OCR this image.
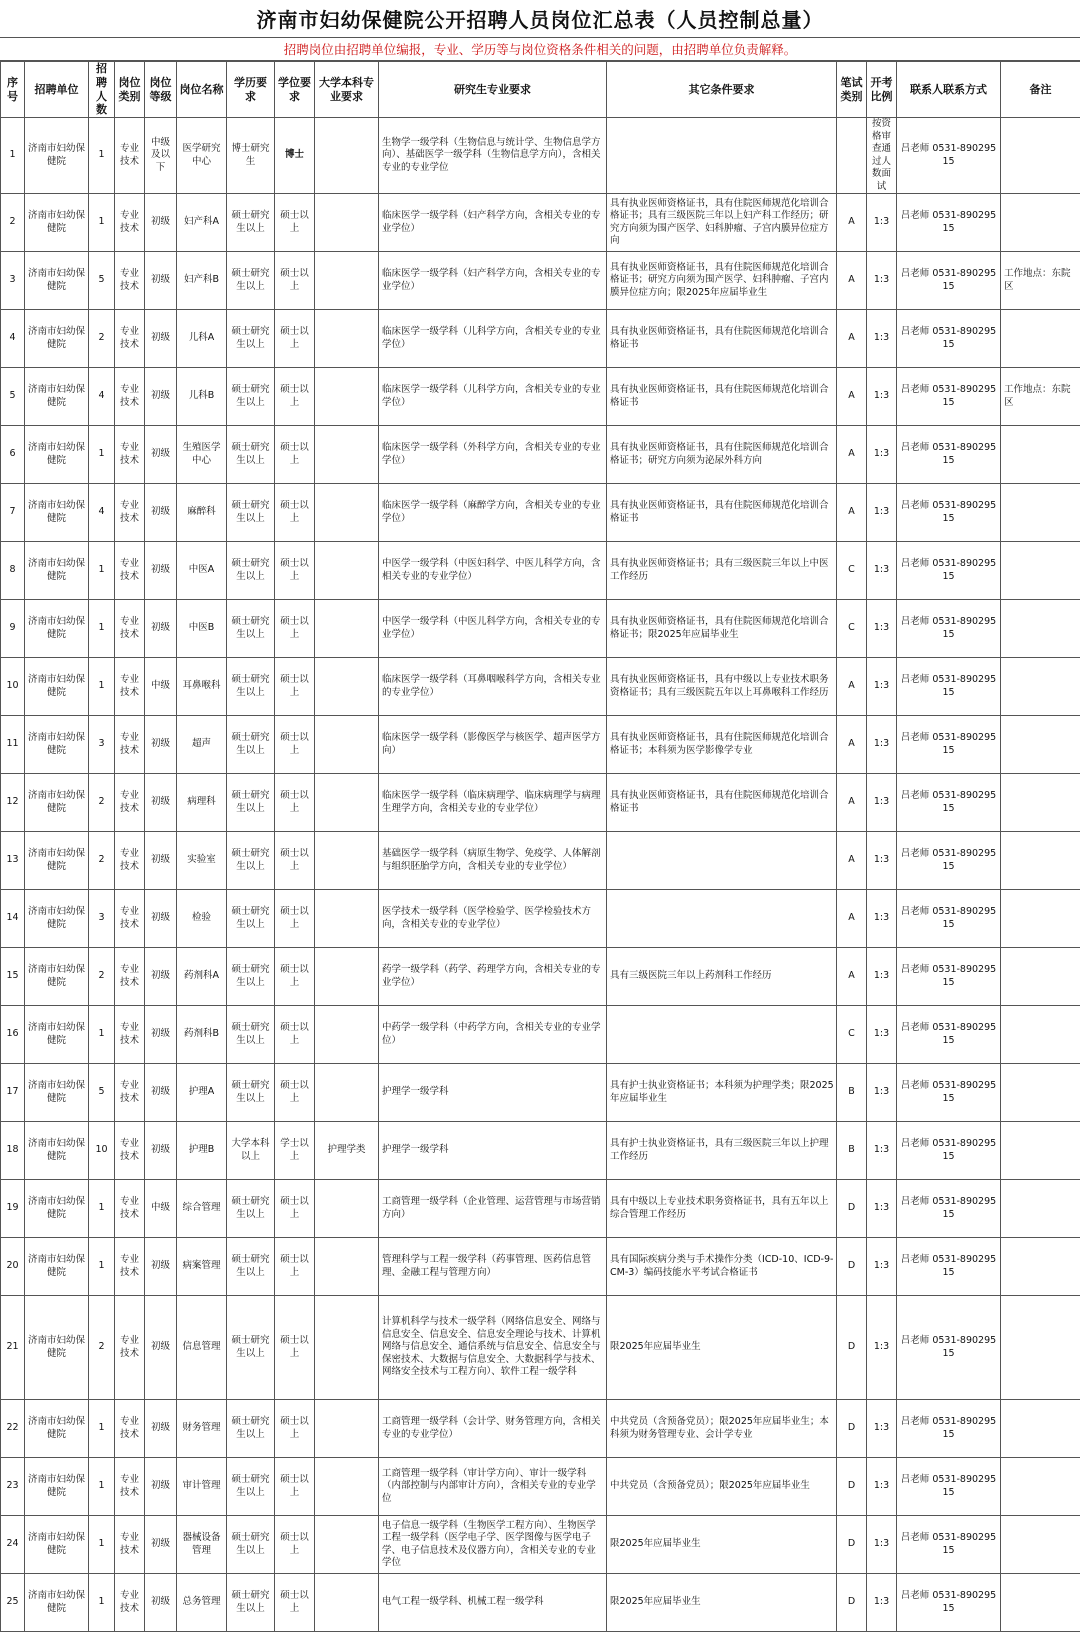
济南市妇幼保健院公开招聘人员岗位汇总表（人员控制总量）
招聘岗位由招聘单位编报，专业、学历等与岗位资格条件相关的问题，由招聘单位负责解释。
序号	招聘单位	招聘人数	岗位类别	岗位等级	岗位名称	学历要求	学位要求	大学本科专业要求	研究生专业要求	其它条件要求	笔试类别	开考比例	联系人联系方式	备注
1	济南市妇幼保健院	1	专业技术	中级及以下	医学研究中心	博士研究生	博士		生物学一级学科（生物信息与统计学、生物信息学方向）、基础医学一级学科（生物信息学方向），含相关专业的专业学位			按资格审查通过人数面试	吕老师 0531-89029515	
2	济南市妇幼保健院	1	专业技术	初级	妇产科A	硕士研究生以上	硕士以上		临床医学一级学科（妇产科学方向，含相关专业的专业学位）	具有执业医师资格证书，具有住院医师规范化培训合格证书；具有三级医院三年以上妇产科工作经历；研究方向须为围产医学、妇科肿瘤、子宫内膜异位症方向	A	1:3	吕老师 0531-89029515	
3	济南市妇幼保健院	5	专业技术	初级	妇产科B	硕士研究生以上	硕士以上		临床医学一级学科（妇产科学方向，含相关专业的专业学位）	具有执业医师资格证书，具有住院医师规范化培训合格证书；研究方向须为围产医学、妇科肿瘤、子宫内膜异位症方向；限2025年应届毕业生	A	1:3	吕老师 0531-89029515	工作地点：东院区
4	济南市妇幼保健院	2	专业技术	初级	儿科A	硕士研究生以上	硕士以上		临床医学一级学科（儿科学方向，含相关专业的专业学位）	具有执业医师资格证书，具有住院医师规范化培训合格证书	A	1:3	吕老师 0531-89029515	
5	济南市妇幼保健院	4	专业技术	初级	儿科B	硕士研究生以上	硕士以上		临床医学一级学科（儿科学方向，含相关专业的专业学位）	具有执业医师资格证书，具有住院医师规范化培训合格证书	A	1:3	吕老师 0531-89029515	工作地点：东院区
6	济南市妇幼保健院	1	专业技术	初级	生殖医学中心	硕士研究生以上	硕士以上		临床医学一级学科（外科学方向，含相关专业的专业学位）	具有执业医师资格证书，具有住院医师规范化培训合格证书；研究方向须为泌尿外科方向	A	1:3	吕老师 0531-89029515	
7	济南市妇幼保健院	4	专业技术	初级	麻醉科	硕士研究生以上	硕士以上		临床医学一级学科（麻醉学方向，含相关专业的专业学位）	具有执业医师资格证书，具有住院医师规范化培训合格证书	A	1:3	吕老师 0531-89029515	
8	济南市妇幼保健院	1	专业技术	初级	中医A	硕士研究生以上	硕士以上		中医学一级学科（中医妇科学、中医儿科学方向，含相关专业的专业学位）	具有执业医师资格证书；具有三级医院三年以上中医工作经历	C	1:3	吕老师 0531-89029515	
9	济南市妇幼保健院	1	专业技术	初级	中医B	硕士研究生以上	硕士以上		中医学一级学科（中医儿科学方向，含相关专业的专业学位）	具有执业医师资格证书，具有住院医师规范化培训合格证书；限2025年应届毕业生	C	1:3	吕老师 0531-89029515	
10	济南市妇幼保健院	1	专业技术	中级	耳鼻喉科	硕士研究生以上	硕士以上		临床医学一级学科（耳鼻咽喉科学方向，含相关专业的专业学位）	具有执业医师资格证书，具有中级以上专业技术职务资格证书；具有三级医院五年以上耳鼻喉科工作经历	A	1:3	吕老师 0531-89029515	
11	济南市妇幼保健院	3	专业技术	初级	超声	硕士研究生以上	硕士以上		临床医学一级学科（影像医学与核医学、超声医学方向）	具有执业医师资格证书，具有住院医师规范化培训合格证书；本科须为医学影像学专业	A	1:3	吕老师 0531-89029515	
12	济南市妇幼保健院	2	专业技术	初级	病理科	硕士研究生以上	硕士以上		临床医学一级学科（临床病理学、临床病理学与病理生理学方向，含相关专业的专业学位）	具有执业医师资格证书，具有住院医师规范化培训合格证书	A	1:3	吕老师 0531-89029515	
13	济南市妇幼保健院	2	专业技术	初级	实验室	硕士研究生以上	硕士以上		基础医学一级学科（病原生物学、免疫学、人体解剖与组织胚胎学方向，含相关专业的专业学位）		A	1:3	吕老师 0531-89029515	
14	济南市妇幼保健院	3	专业技术	初级	检验	硕士研究生以上	硕士以上		医学技术一级学科（医学检验学、医学检验技术方向，含相关专业的专业学位）		A	1:3	吕老师 0531-89029515	
15	济南市妇幼保健院	2	专业技术	初级	药剂科A	硕士研究生以上	硕士以上		药学一级学科（药学、药理学方向，含相关专业的专业学位）	具有三级医院三年以上药剂科工作经历	A	1:3	吕老师 0531-89029515	
16	济南市妇幼保健院	1	专业技术	初级	药剂科B	硕士研究生以上	硕士以上		中药学一级学科（中药学方向，含相关专业的专业学位）		C	1:3	吕老师 0531-89029515	
17	济南市妇幼保健院	5	专业技术	初级	护理A	硕士研究生以上	硕士以上		护理学一级学科	具有护士执业资格证书；本科须为护理学类；限2025年应届毕业生	B	1:3	吕老师 0531-89029515	
18	济南市妇幼保健院	10	专业技术	初级	护理B	大学本科以上	学士以上	护理学类	护理学一级学科	具有护士执业资格证书，具有三级医院三年以上护理工作经历	B	1:3	吕老师 0531-89029515	
19	济南市妇幼保健院	1	专业技术	中级	综合管理	硕士研究生以上	硕士以上		工商管理一级学科（企业管理、运营管理与市场营销方向）	具有中级以上专业技术职务资格证书，具有五年以上综合管理工作经历	D	1:3	吕老师 0531-89029515	
20	济南市妇幼保健院	1	专业技术	初级	病案管理	硕士研究生以上	硕士以上		管理科学与工程一级学科（药事管理、医药信息管理、金融工程与管理方向）	具有国际疾病分类与手术操作分类（ICD-10、ICD-9-CM-3）编码技能水平考试合格证书	D	1:3	吕老师 0531-89029515	
21	济南市妇幼保健院	2	专业技术	初级	信息管理	硕士研究生以上	硕士以上		计算机科学与技术一级学科（网络信息安全、网络与信息安全、信息安全、信息安全理论与技术、计算机网络与信息安全、通信系统与信息安全、信息安全与保密技术、大数据与信息安全、大数据科学与技术、网络安全技术与工程方向）、软件工程一级学科	限2025年应届毕业生	D	1:3	吕老师 0531-89029515	
22	济南市妇幼保健院	1	专业技术	初级	财务管理	硕士研究生以上	硕士以上		工商管理一级学科（会计学、财务管理方向，含相关专业的专业学位）	中共党员（含预备党员）；限2025年应届毕业生；本科须为财务管理专业、会计学专业	D	1:3	吕老师 0531-89029515	
23	济南市妇幼保健院	1	专业技术	初级	审计管理	硕士研究生以上	硕士以上		工商管理一级学科（审计学方向）、审计一级学科（内部控制与内部审计方向），含相关专业的专业学位	中共党员（含预备党员）；限2025年应届毕业生	D	1:3	吕老师 0531-89029515	
24	济南市妇幼保健院	1	专业技术	初级	器械设备管理	硕士研究生以上	硕士以上		电子信息一级学科（生物医学工程方向）、生物医学工程一级学科（医学电子学、医学图像与医学电子学、电子信息技术及仪器方向），含相关专业的专业学位	限2025年应届毕业生	D	1:3	吕老师 0531-89029515	
25	济南市妇幼保健院	1	专业技术	初级	总务管理	硕士研究生以上	硕士以上		电气工程一级学科、机械工程一级学科	限2025年应届毕业生	D	1:3	吕老师 0531-89029515	
